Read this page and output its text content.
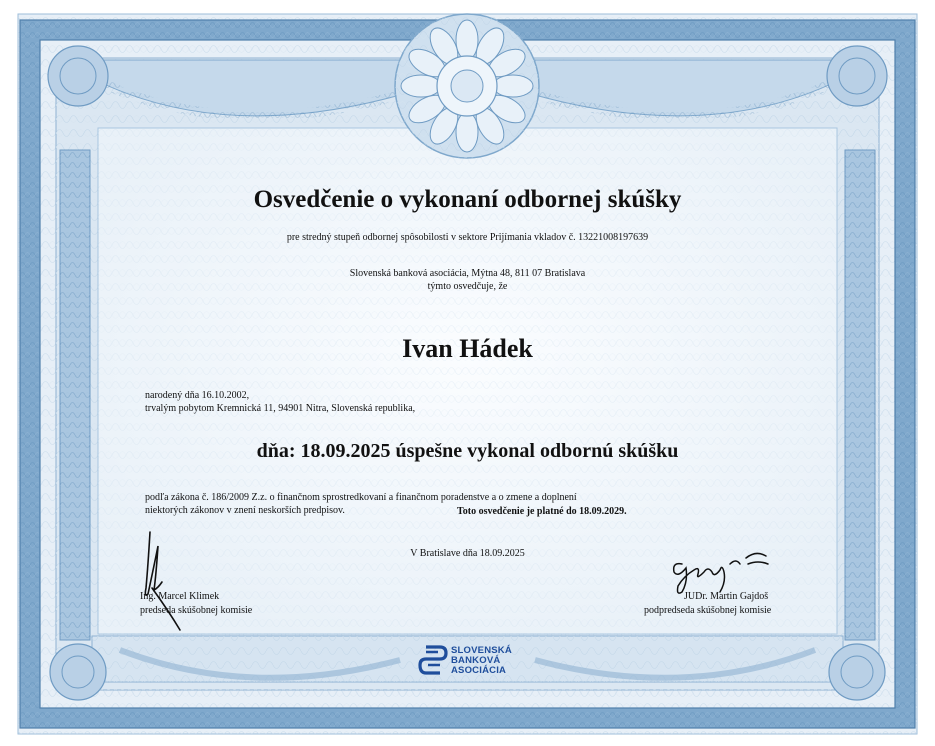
Osvedčenie o vykonaní odbornej skúšky
pre stredný stupeň odbornej spôsobilosti v sektore Prijímania vkladov č. 13221008197639
Slovenská banková asociácia, Mýtna 48, 811 07 Bratislava
týmto osvedčuje, že
Ivan Hádek
narodený dňa 16.10.2002,
trvalým pobytom Kremnická 11, 94901 Nitra, Slovenská republika,
dňa: 18.09.2025 úspešne vykonal odbornú skúšku
podľa zákona č. 186/2009 Z.z. o finančnom sprostredkovaní a finančnom poradenstve a o zmene a doplnení
niektorých zákonov v znení neskorších predpisov.	Toto osvedčenie je platné do 18.09.2029.
V Bratislave dňa 18.09.2025
Ing. Marcel Klimek
predseda skúšobnej komisie
JUDr. Martin Gajdoš
podpredseda skúšobnej komisie
SLOVENSKÁ
BANKOVÁ
ASOCIÁCIA
